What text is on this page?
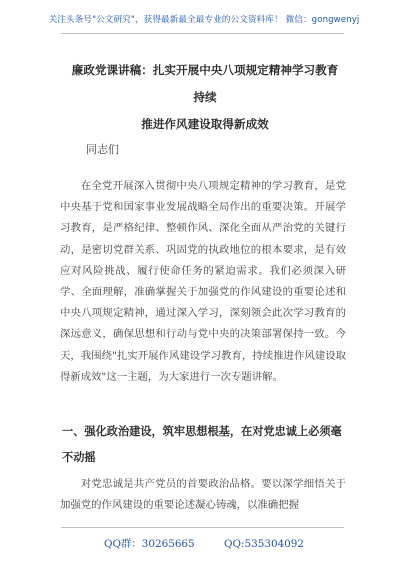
关注头条号"公文研究"，获得最新最全最专业的公文资料库！ 微信：gongwenyj
廉政党课讲稿：扎实开展中央八项规定精神学习教育持续
推进作风建设取得新成效
同志们

在全党开展深入贯彻中央八项规定精神的学习教育，是党中央基于党和国家事业发展战略全局作出的重要决策。开展学习教育，是严格纪律、整顿作风、深化全面从严治党的关键行动，是密切党群关系、巩固党的执政地位的根本要求，是有效应对风险挑战、履行使命任务的紧迫需求。我们必须深入研学、全面理解，准确掌握关于加强党的作风建设的重要论述和中央八项规定精神，通过深入学习，深刻领会此次学习教育的深远意义，确保思想和行动与党中央的决策部署保持一致。今天，我围绕"扎实开展作风建设学习教育，持续推进作风建设取得新成效"这一主题，为大家进行一次专题讲解。

一、强化政治建设，筑牢思想根基，在对党忠诚上必须毫不动摇

对党忠诚是共产党员的首要政治品格。要以深学细悟关于加强党的作风建设的重要论述凝心铸魂，以准确把握

QQ群：30265665	QQ:535304092
